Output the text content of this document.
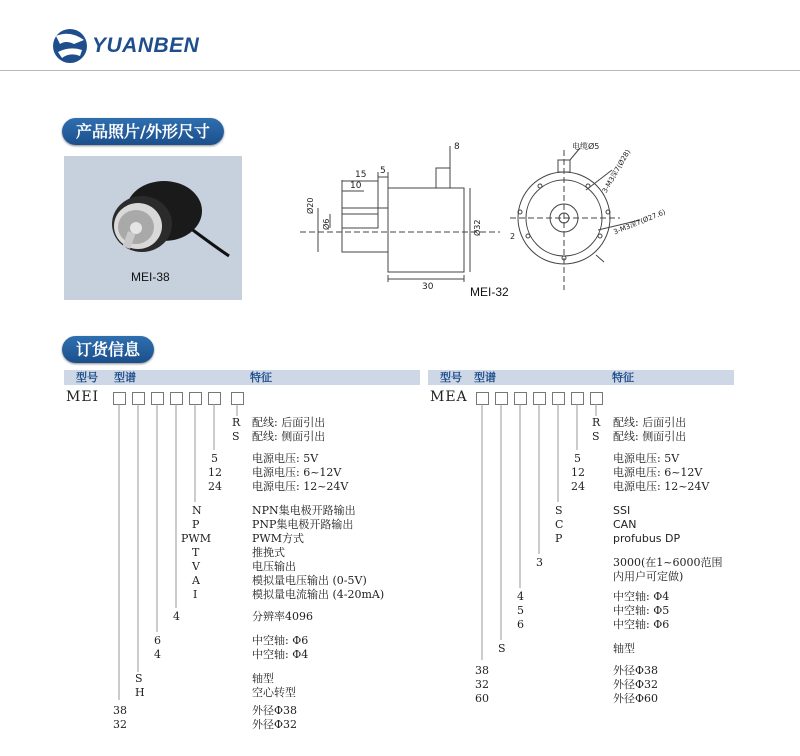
YUANBEN
产品照片/外形尺寸
MEI-38
15 5
10
8
Ø20
Ø6	Ø32
30	MEI-32
电缆Ø5
3-M3深7(Ø28)
3-M3深7(Ø27.6)
2
订货信息
型号 型谱	特征	型号 型谱	特征
MEI	MEA
R 配线: 后面引出
S 配线: 侧面引出
5	电源电压: 5V
12	电源电压: 6~12V
24	电源电压: 12~24V
N	NPN集电极开路输出
P	PNP集电极开路输出
PWM	PWM方式
T	推挽式
V	电压输出
A	模拟量电压输出 (0-5V)
I	模拟量电流输出 (4-20mA)
4	分辨率4096
6	中空轴: Φ6
4	中空轴: Φ4
S	轴型
H	空心转型
38	外径Φ38
32	外径Φ32
R 配线: 后面引出
S 配线: 侧面引出
5	电源电压: 5V
12	电源电压: 6~12V
24	电源电压: 12~24V
S	SSI
C	CAN
P	profubus DP
3	3000(在1~6000范围
内用户可定做)
4	中空轴: Φ4
5	中空轴: Φ5
6	中空轴: Φ6
S	轴型
38	外径Φ38
32	外径Φ32
60	外径Φ60
